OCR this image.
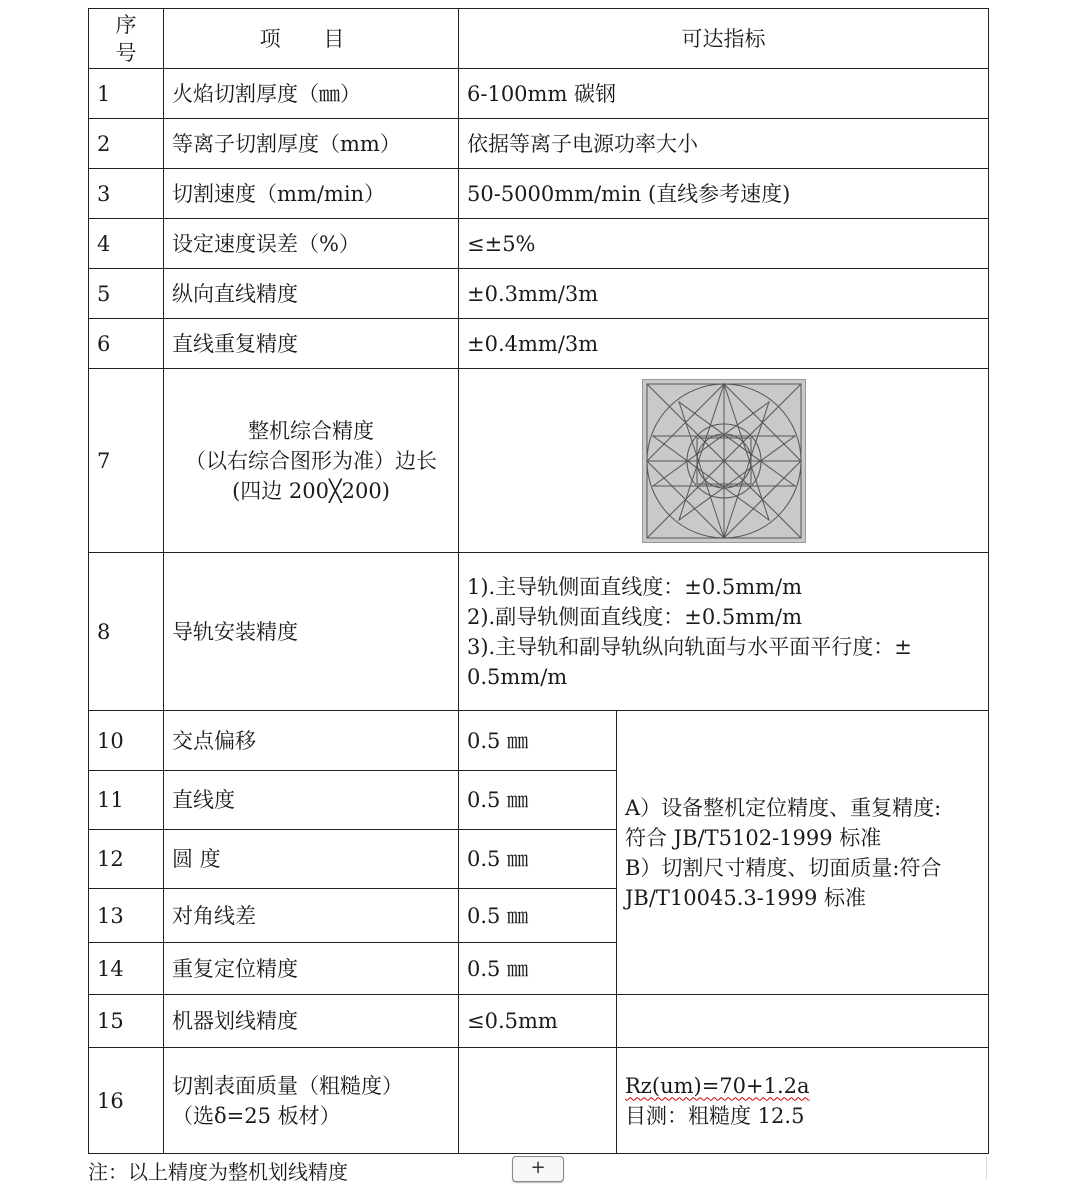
序
号	项 目	可达指标	
1	火焰切割厚度（㎜）	6-100mm 碳钢	
2	等离子切割厚度（mm）	依据等离子电源功率大小	
3	切割速度（mm/min）	50-5000mm/min (直线参考速度)	
4	设定速度误差（%）	≤±5%	
5	纵向直线精度	±0.3mm/3m	
6	直线重复精度	±0.4mm/3m	
7	整机综合精度
（以右综合图形为准）边长
(四边 200╳200)

8	导轨安装精度	1).主导轨侧面直线度：±0.5mm/m
2).副导轨侧面直线度：±0.5mm/m
3).主导轨和副导轨纵向轨面与水平面平行度：±
0.5mm/m	

10	交点偏移	0.5 ㎜	A）设备整机定位精度、重复精度:
符合 JB/T5102-1999 标准
B）切割尺寸精度、切面质量:符合
JB/T10045.3-1999 标准

11	直线度	0.5 ㎜	
12	圆 度	0.5 ㎜	
13	对角线差	0.5 ㎜	
14	重复定位精度	0.5 ㎜	
15	机器划线精度	≤0.5mm	
16	切割表面质量（粗糙度）
（选δ=25 板材）		Rz(um)=70+1.2a
目测：粗糙度 12.5
注：以上精度为整机划线精度	+
